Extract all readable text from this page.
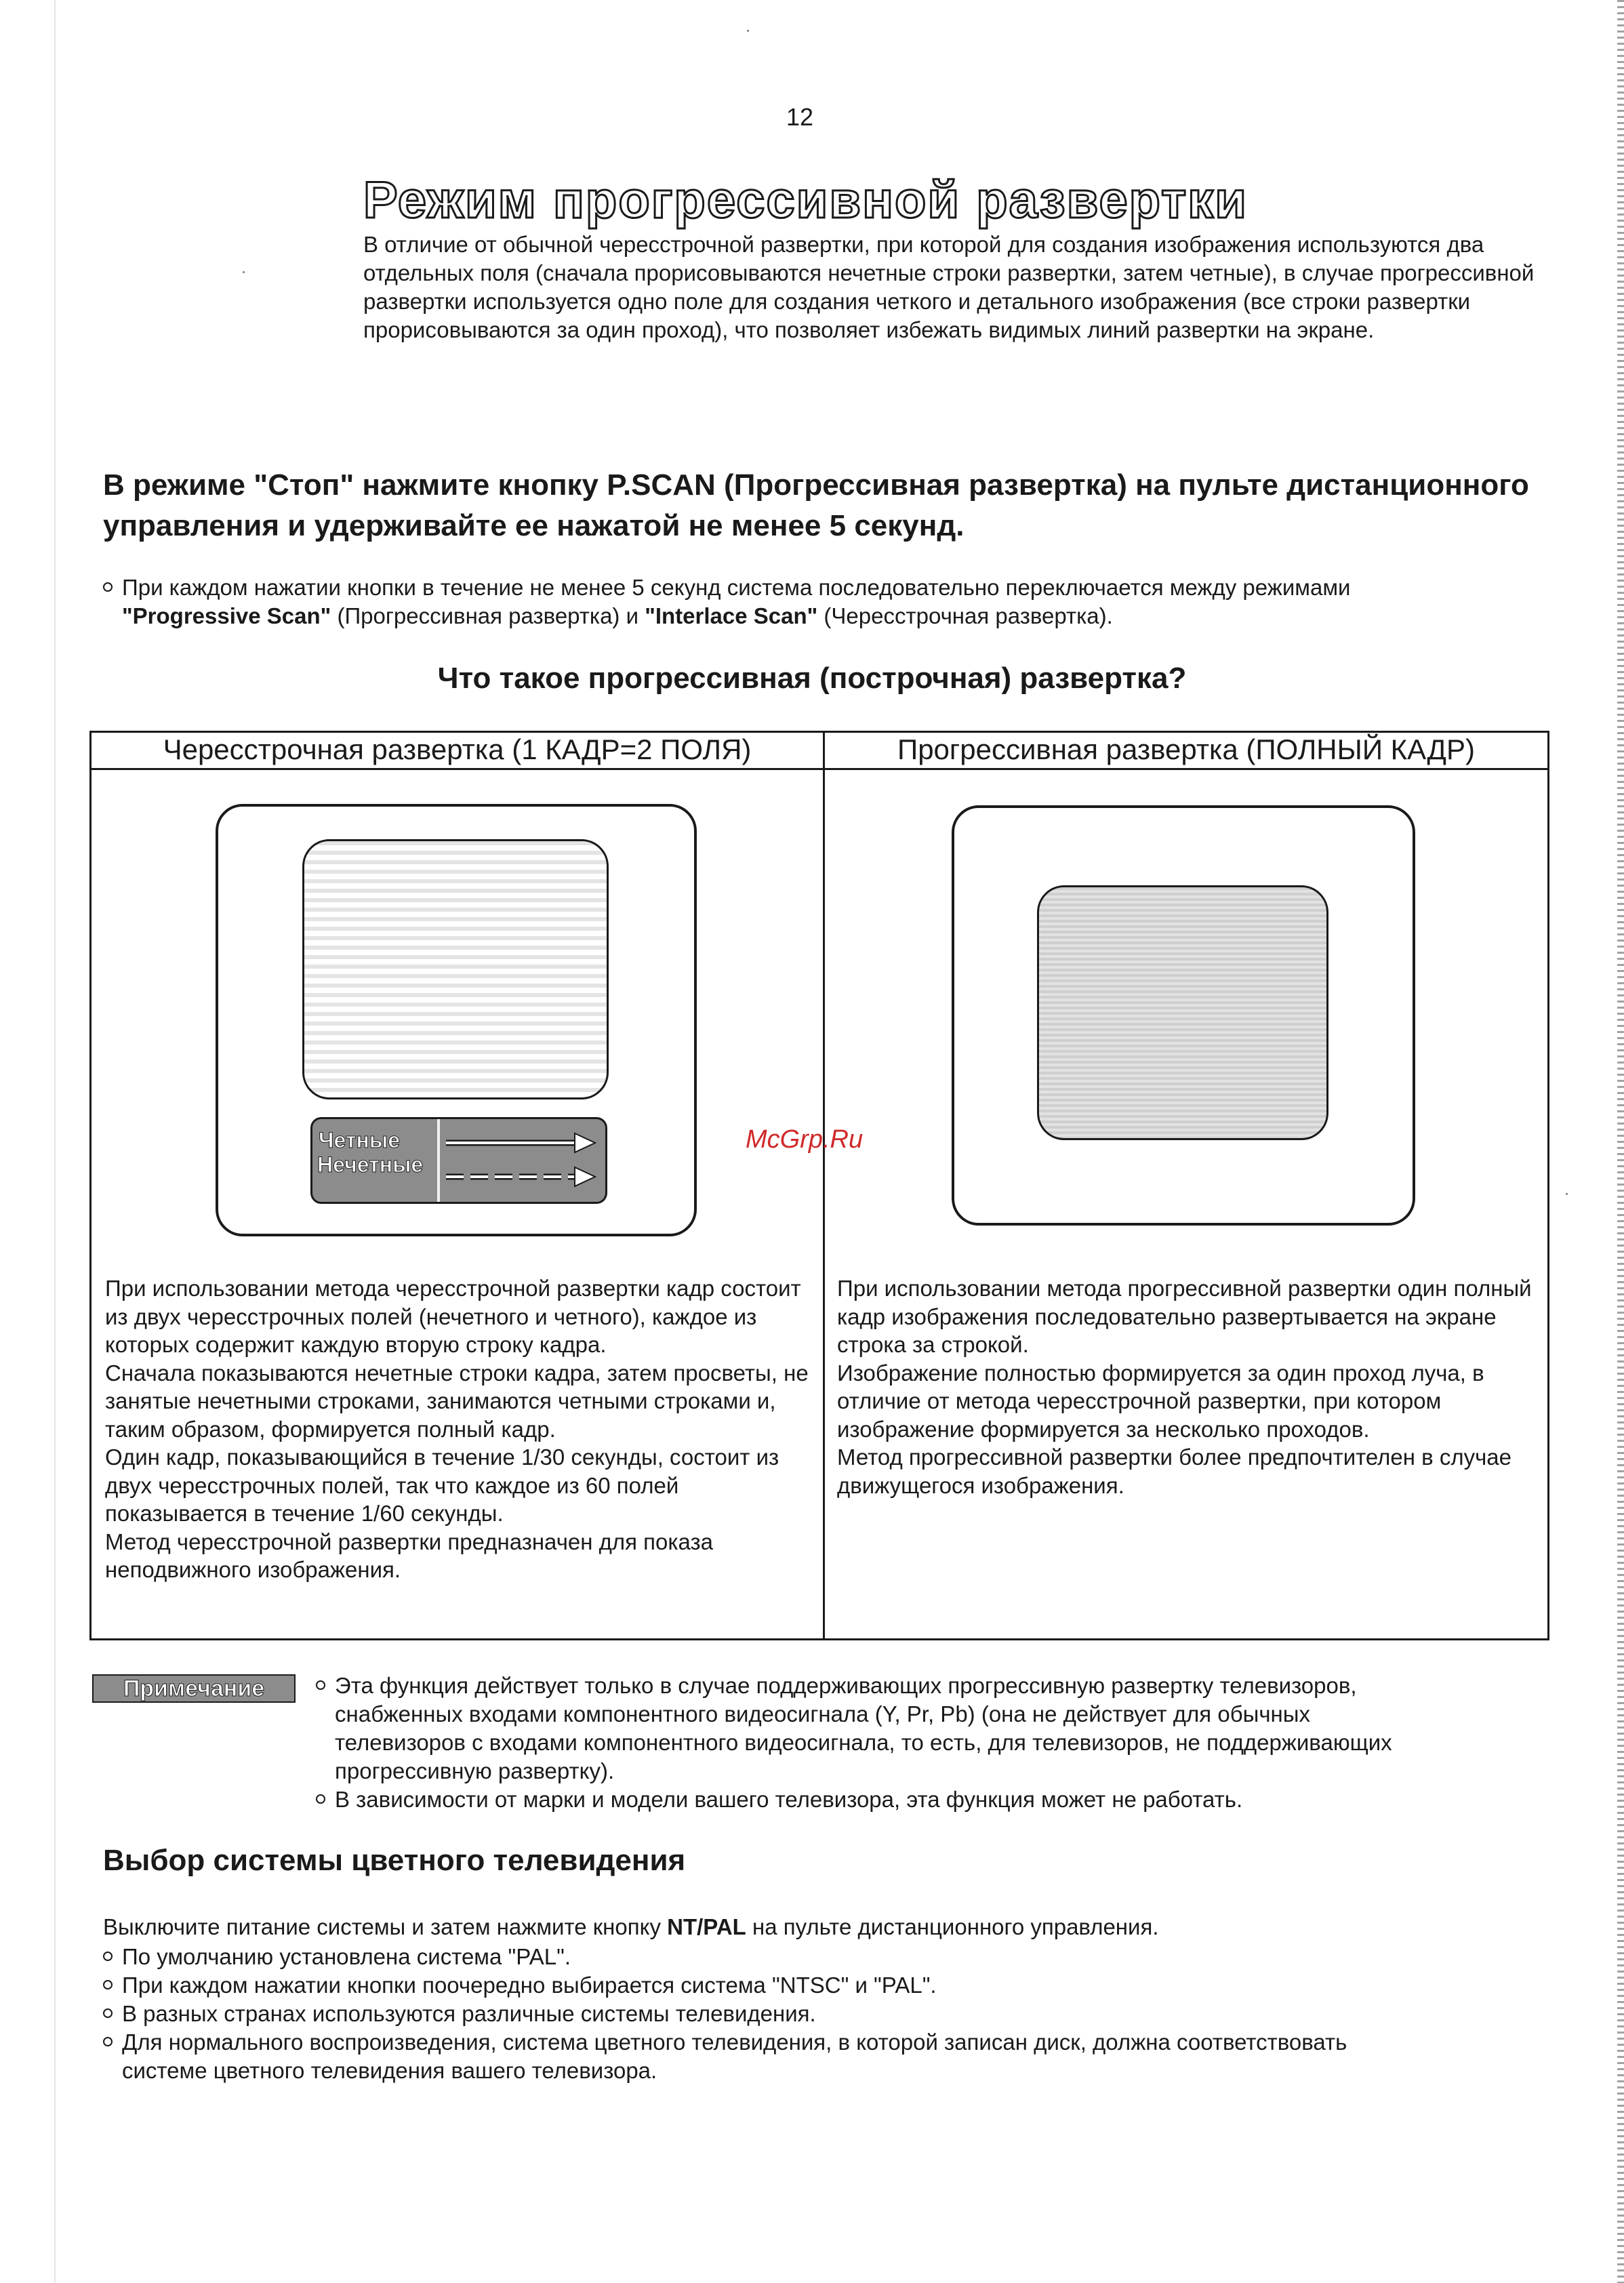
12
Режим прогрессивной развертки
В отличие от обычной чересстрочной развертки, при которой для создания изображения используются два отдельных поля (сначала прорисовываются нечетные строки развертки, затем четные), в случае прогрессивной развертки используется одно поле для создания четкого и детального изображения (все строки развертки прорисовываются за один проход), что позволяет избежать видимых линий развертки на экране.
В режиме "Стоп" нажмите кнопку P.SCAN (Прогрессивная развертка) на пульте дистанционного управления и удерживайте ее нажатой не менее 5 секунд.
При каждом нажатии кнопки в течение не менее 5 секунд система последовательно переключается между режимами
"Progressive Scan" (Прогрессивная развертка) и "Interlace Scan" (Чересстрочная развертка).
Что такое прогрессивная (построчная) развертка?
Чересстрочная развертка (1 КАДР=2 ПОЛЯ)	Прогрессивная развертка (ПОЛНЫЙ КАДР)
Четные
Нечетные
При использовании метода чересстрочной развертки кадр состоит из двух чересстрочных полей (нечетного и четного), каждое из которых содержит каждую вторую строку кадра.
Сначала показываются нечетные строки кадра, затем просветы, не занятые нечетными строками, занимаются четными строками и, таким образом, формируется полный кадр.
Один кадр, показывающийся в течение 1/30 секунды, состоит из двух чересстрочных полей, так что каждое из 60 полей показывается в течение 1/60 секунды.
Метод чересстрочной развертки предназначен для показа неподвижного изображения.
При использовании метода прогрессивной развертки один полный кадр изображения последовательно развертывается на экране строка за строкой.
Изображение полностью формируется за один проход луча, в отличие от метода чересстрочной развертки, при котором изображение формируется за несколько проходов.
Метод прогрессивной развертки более предпочтителен в случае движущегося изображения.
Примечание	Эта функция действует только в случае поддерживающих прогрессивную развертку телевизоров,
снабженных входами компонентного видеосигнала (Y, Pr, Pb) (она не действует для обычных
телевизоров с входами компонентного видеосигнала, то есть, для телевизоров, не поддерживающих
прогрессивную развертку).
В зависимости от марки и модели вашего телевизора, эта функция может не работать.
Выбор системы цветного телевидения
Выключите питание системы и затем нажмите кнопку NT/PAL на пульте дистанционного управления.
По умолчанию установлена система "PAL".
При каждом нажатии кнопки поочередно выбирается система "NTSC" и "PAL".
В разных странах используются различные системы телевидения.
Для нормального воспроизведения, система цветного телевидения, в которой записан диск, должна соответствовать
системе цветного телевидения вашего телевизора.
McGrp.Ru
